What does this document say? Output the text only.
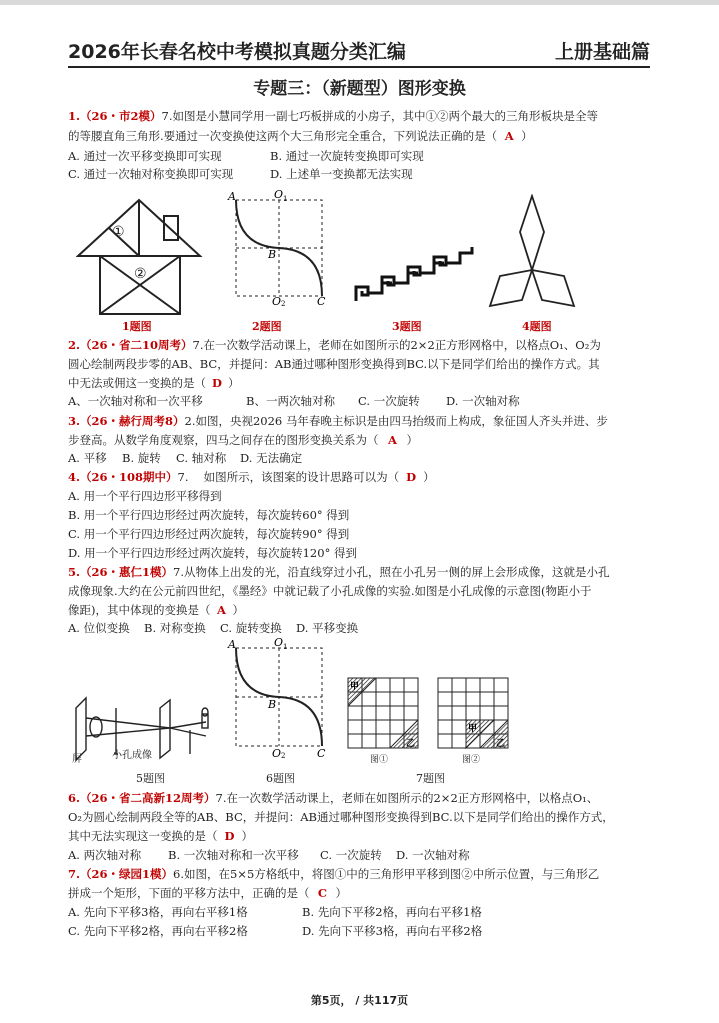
2026年长春名校中考模拟真题分类汇编	上册基础篇
专题三：（新题型）图形变换
1.（26・市2模）7.如图是小慧同学用一副七巧板拼成的小房子，其中①②两个最大的三角形板块是全等
的等腰直角三角形.要通过一次变换使这两个大三角形完全重合，下列说法正确的是（ A ）
A. 通过一次平移变换即可实现	B. 通过一次旋转变换即可实现
C. 通过一次轴对称变换即可实现	D. 上述单一变换都无法实现
①
②
A	O 1
B
O 2	C
1题图	2题图	3题图	4题图
2.（26・省二10周考）7.在一次数学活动课上，老师在如图所示的2×2正方形网格中，以格点O₁、O₂为
圆心绘制两段步零的AB、BC，并提问：AB通过哪种图形变换得到BC.以下是同学们给出的操作方式。其
中无法或佣这一变换的是（ D ）
A、一次轴对称和一次平移	B、一两次轴对称 C. 一次旋转 D. 一次轴对称
3.（26・赫行周考8）2.如图，央视2026 马年春晚主标识是由四马抬级而上构成，象征国人齐头并进、步
步登高。从数学角度观察，四马之间存在的图形变换关系为（ A ）
A. 平移 B. 旋转 C. 轴对称 D. 无法确定
4.（26・108期中）7.　 如图所示，该图案的设计思路可以为（ D ）
A. 用一个平行四边形平移得到
B. 用一个平行四边形经过两次旋转，每次旋转60° 得到
C. 用一个平行四边形经过两次旋转，每次旋转90° 得到
D. 用一个平行四边形经过两次旋转，每次旋转120° 得到
5.（26・惠仁1模）7.从物体上出发的光，沿直线穿过小孔，照在小孔另一侧的屏上会形成像，这就是小孔
成像现象.大约在公元前四世纪，《墨经》中就记载了小孔成像的实验.如图是小孔成像的示意图(物距小于
像距)，其中体现的变换是（ A ）
A. 位似变换 B. 对称变换 C. 旋转变换 D. 平移变换
屏	小孔成像
A	O 1
B
O 2	C
甲
乙
甲
乙
图①	图②
5题图	6题图	7题图
6.（26・省二高新12周考）7.在一次数学活动课上，老师在如图所示的2×2正方形网格中，以格点O₁、
O₂为圆心绘制两段全等的AB、BC，并提问：AB通过哪种图形变换得到BC.以下是同学们给出的操作方式，
其中无法实现这一变换的是（ D ）
A. 两次轴对称 B. 一次轴对称和一次平移 C. 一次旋转 D. 一次轴对称
7.（26・绿园1模）6.如图，在5×5方格纸中，将图①中的三角形甲平移到图②中所示位置，与三角形乙
拼成一个矩形，下面的平移方法中，正确的是（ C ）
A. 先向下平移3格，再向右平移1格	B. 先向下平移2格，再向右平移1格
C. 先向下平移2格，再向右平移2格	D. 先向下平移3格，再向右平移2格
第5页， / 共117页
